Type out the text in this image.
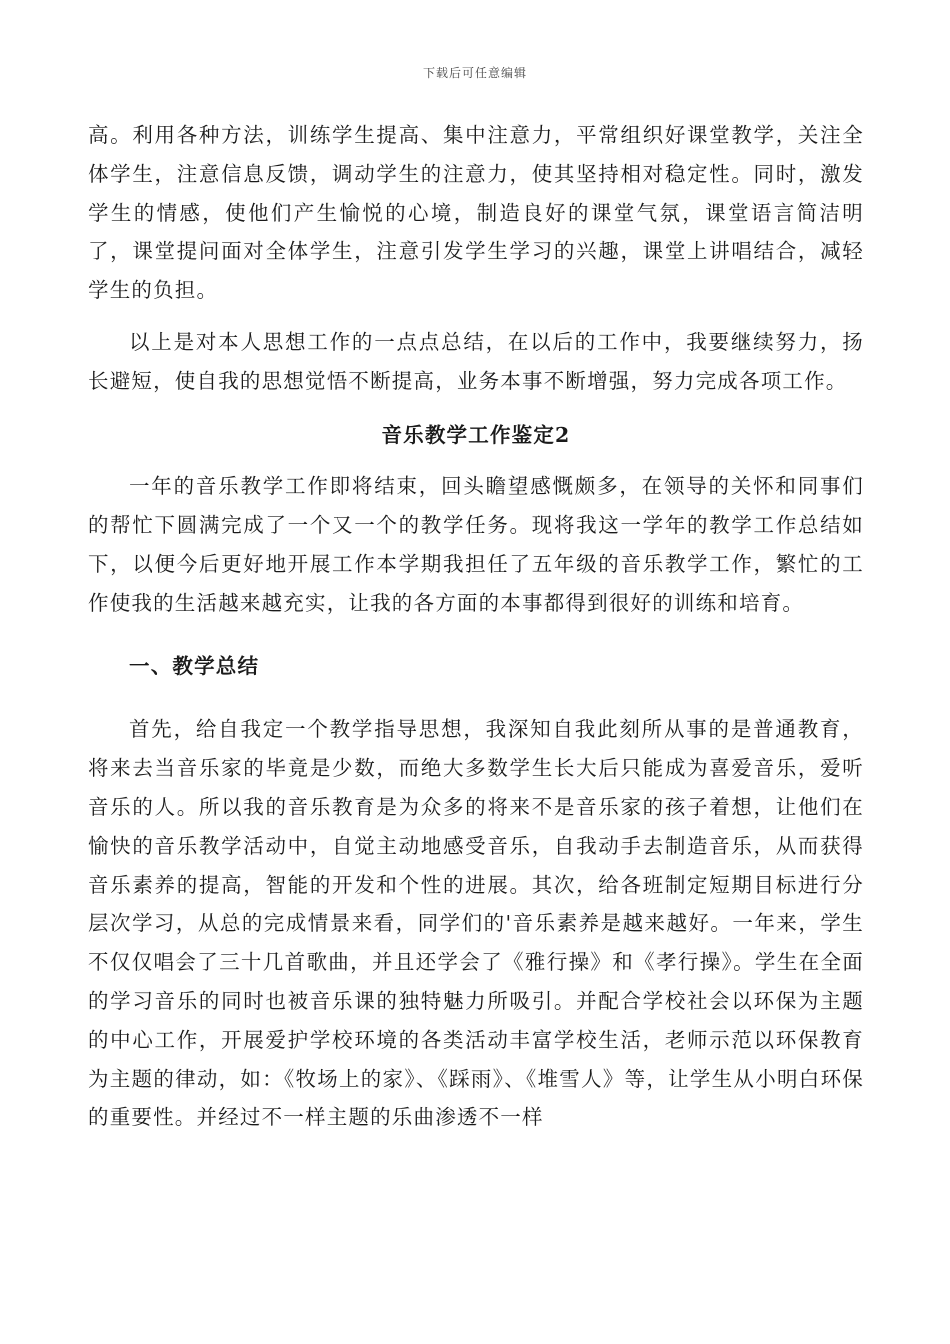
下载后可任意编辑

高。利用各种方法，训练学生提高、集中注意力，平常组织好课堂教学，关注全体学生，注意信息反馈，调动学生的注意力，使其坚持相对稳定性。同时，激发学生的情感，使他们产生愉悦的心境，制造良好的课堂气氛，课堂语言简洁明了，课堂提问面对全体学生，注意引发学生学习的兴趣，课堂上讲唱结合，减轻学生的负担。

以上是对本人思想工作的一点点总结，在以后的工作中，我要继续努力，扬长避短，使自我的思想觉悟不断提高，业务本事不断增强，努力完成各项工作。

音乐教学工作鉴定2

一年的音乐教学工作即将结束，回头瞻望感慨颇多，在领导的关怀和同事们的帮忙下圆满完成了一个又一个的教学任务。现将我这一学年的教学工作总结如下，以便今后更好地开展工作本学期我担任了五年级的音乐教学工作，繁忙的工作使我的生活越来越充实，让我的各方面的本事都得到很好的训练和培育。

一、教学总结

首先，给自我定一个教学指导思想，我深知自我此刻所从事的是普通教育，将来去当音乐家的毕竟是少数，而绝大多数学生长大后只能成为喜爱音乐，爱听音乐的人。所以我的音乐教育是为众多的将来不是音乐家的孩子着想，让他们在愉快的音乐教学活动中，自觉主动地感受音乐，自我动手去制造音乐，从而获得音乐素养的提高，智能的开发和个性的进展。其次，给各班制定短期目标进行分层次学习，从总的完成情景来看，同学们的'音乐素养是越来越好。一年来，学生不仅仅唱会了三十几首歌曲，并且还学会了《雅行操》和《孝行操》。学生在全面的学习音乐的同时也被音乐课的独特魅力所吸引。并配合学校社会以环保为主题的中心工作，开展爱护学校环境的各类活动丰富学校生活，老师示范以环保教育为主题的律动，如：《牧场上的家》、《踩雨》、《堆雪人》等，让学生从小明白环保的重要性。并经过不一样主题的乐曲渗透不一样
